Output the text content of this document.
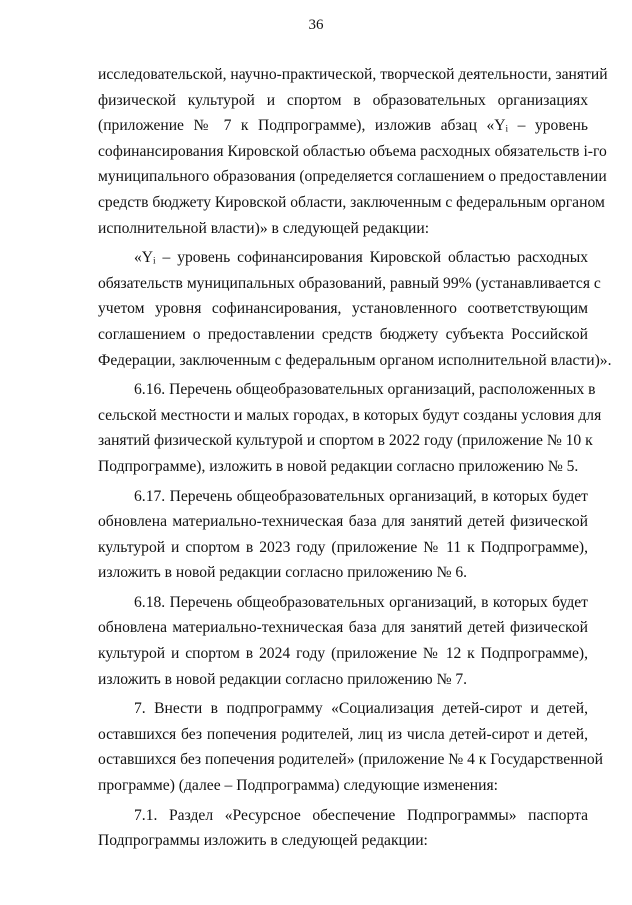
36

исследовательской, научно-практической, творческой деятельности, занятий
физической культурой и спортом в образовательных организациях
(приложение № 7 к Подпрограмме), изложив абзац «Yᵢ – уровень
софинансирования Кировской областью объема расходных обязательств i-го
муниципального образования (определяется соглашением о предоставлении
средств бюджету Кировской области, заключенным с федеральным органом
исполнительной власти)» в следующей редакции:

«Yᵢ – уровень софинансирования Кировской областью расходных
обязательств муниципальных образований, равный 99% (устанавливается с
учетом уровня софинансирования, установленного соответствующим
соглашением о предоставлении средств бюджету субъекта Российской
Федерации, заключенным с федеральным органом исполнительной власти)».

6.16. Перечень общеобразовательных организаций, расположенных в
сельской местности и малых городах, в которых будут созданы условия для
занятий физической культурой и спортом в 2022 году (приложение № 10 к
Подпрограмме), изложить в новой редакции согласно приложению № 5.

6.17. Перечень общеобразовательных организаций, в которых будет
обновлена материально-техническая база для занятий детей физической
культурой и спортом в 2023 году (приложение № 11 к Подпрограмме),
изложить в новой редакции согласно приложению № 6.

6.18. Перечень общеобразовательных организаций, в которых будет
обновлена материально-техническая база для занятий детей физической
культурой и спортом в 2024 году (приложение № 12 к Подпрограмме),
изложить в новой редакции согласно приложению № 7.

7. Внести в подпрограмму «Социализация детей-сирот и детей,
оставшихся без попечения родителей, лиц из числа детей-сирот и детей,
оставшихся без попечения родителей» (приложение № 4 к Государственной
программе) (далее – Подпрограмма) следующие изменения:

7.1. Раздел «Ресурсное обеспечение Подпрограммы» паспорта
Подпрограммы изложить в следующей редакции:
